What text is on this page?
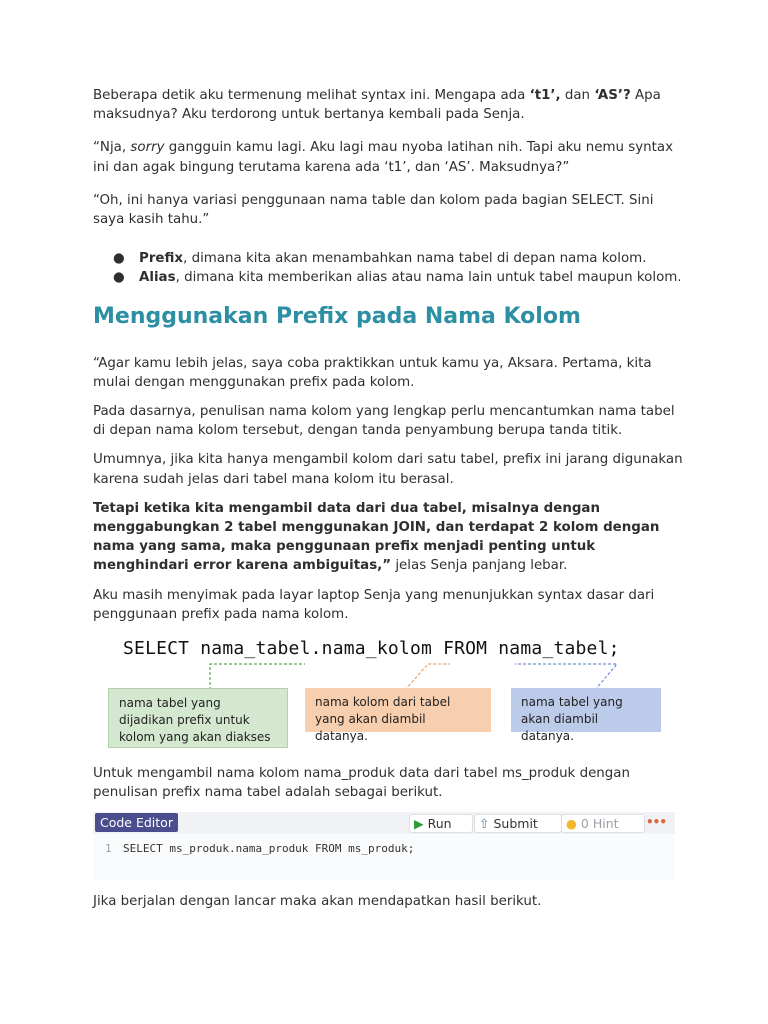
Beberapa detik aku termenung melihat syntax ini. Mengapa ada ‘t1’, dan ‘AS’? Apa maksudnya? Aku terdorong untuk bertanya kembali pada Senja.

“Nja, sorry gangguin kamu lagi. Aku lagi mau nyoba latihan nih. Tapi aku nemu syntax ini dan agak bingung terutama karena ada ‘t1’, dan ‘AS’. Maksudnya?”

“Oh, ini hanya variasi penggunaan nama table dan kolom pada bagian SELECT. Sini saya kasih tahu.”

● Prefix, dimana kita akan menambahkan nama tabel di depan nama kolom.
● Alias, dimana kita memberikan alias atau nama lain untuk tabel maupun kolom.
Menggunakan Prefix pada Nama Kolom

“Agar kamu lebih jelas, saya coba praktikkan untuk kamu ya, Aksara. Pertama, kita mulai dengan menggunakan prefix pada kolom.

Pada dasarnya, penulisan nama kolom yang lengkap perlu mencantumkan nama tabel di depan nama kolom tersebut, dengan tanda penyambung berupa tanda titik.

Umumnya, jika kita hanya mengambil kolom dari satu tabel, prefix ini jarang digunakan karena sudah jelas dari tabel mana kolom itu berasal.

Tetapi ketika kita mengambil data dari dua tabel, misalnya dengan menggabungkan 2 tabel menggunakan JOIN, dan terdapat 2 kolom dengan nama yang sama, maka penggunaan prefix menjadi penting untuk menghindari error karena ambiguitas,” jelas Senja panjang lebar.

Aku masih menyimak pada layar laptop Senja yang menunjukkan syntax dasar dari penggunaan prefix pada nama kolom.

SELECT nama_tabel.nama_kolom FROM nama_tabel;
nama tabel yang dijadikan prefix untuk kolom yang akan diakses
nama kolom dari tabel yang akan diambil datanya.
nama tabel yang akan diambil datanya.

Untuk mengambil nama kolom nama_produk data dari tabel ms_produk dengan penulisan prefix nama tabel adalah sebagai berikut.

Code Editor	▶ Run	⇧ Submit	● 0 Hint	•••
1 SELECT ms_produk.nama_produk FROM ms_produk;

Jika berjalan dengan lancar maka akan mendapatkan hasil berikut.
